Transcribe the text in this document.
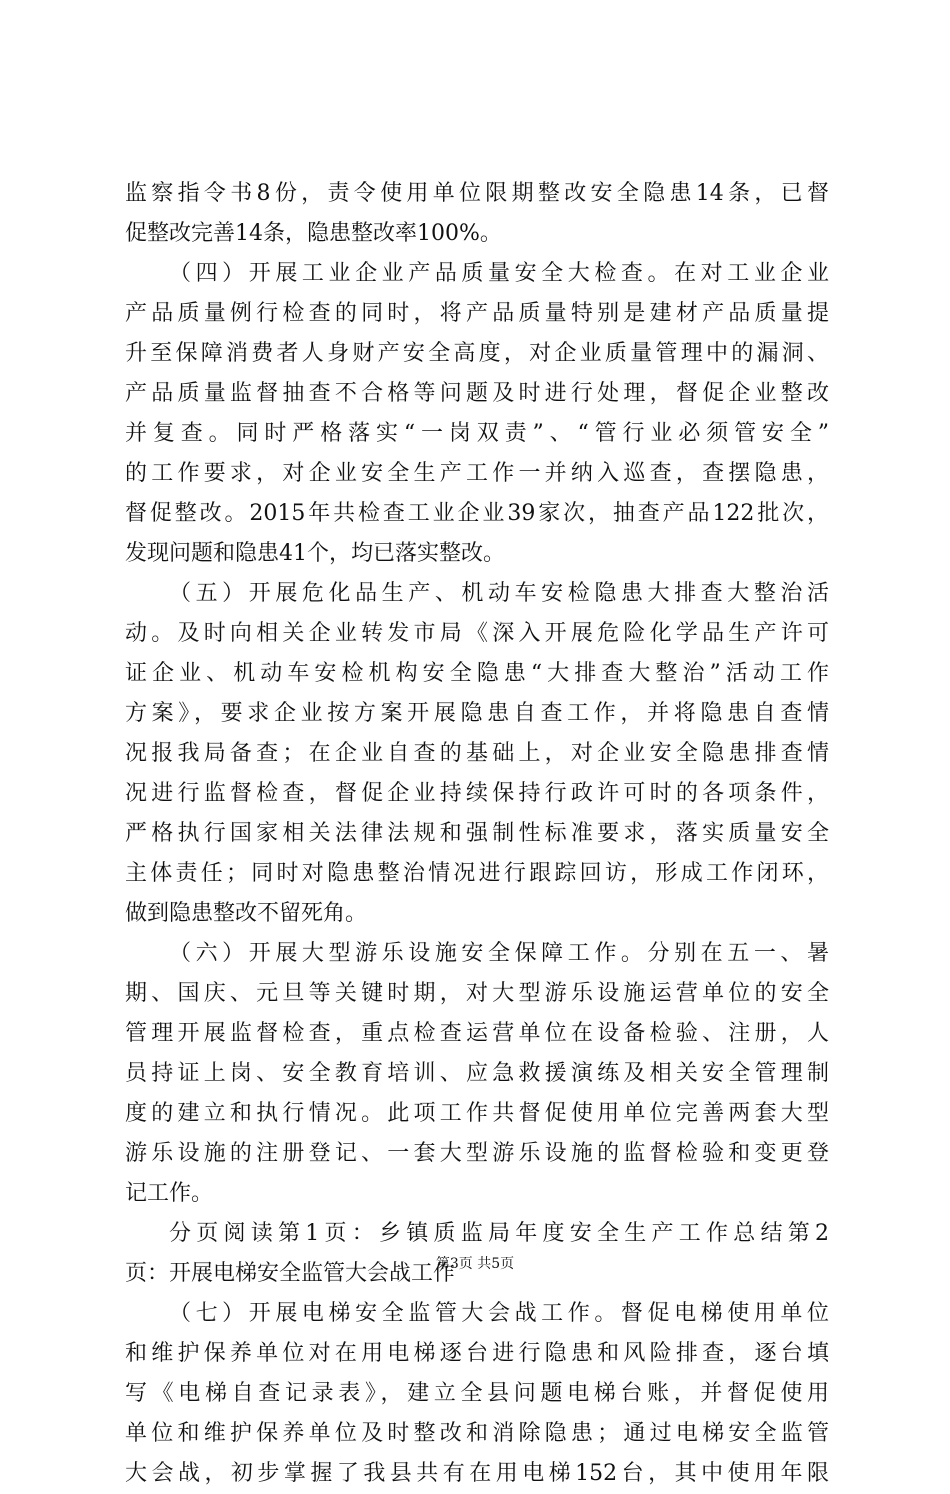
监察指令书8份，责令使用单位限期整改安全隐患14条，已督
促整改完善14条，隐患整改率100%。
（四）开展工业企业产品质量安全大检查。在对工业企业
产品质量例行检查的同时，将产品质量特别是建材产品质量提
升至保障消费者人身财产安全高度，对企业质量管理中的漏洞、
产品质量监督抽查不合格等问题及时进行处理，督促企业整改
并复查。同时严格落实“一岗双责”、“管行业必须管安全”
的工作要求，对企业安全生产工作一并纳入巡查，查摆隐患，
督促整改。2015年共检查工业企业39家次，抽查产品122批次，
发现问题和隐患41个，均已落实整改。
（五）开展危化品生产、机动车安检隐患大排查大整治活
动。及时向相关企业转发市局《深入开展危险化学品生产许可
证企业、机动车安检机构安全隐患“大排查大整治”活动工作
方案》，要求企业按方案开展隐患自查工作，并将隐患自查情
况报我局备查；在企业自查的基础上，对企业安全隐患排查情
况进行监督检查，督促企业持续保持行政许可时的各项条件，
严格执行国家相关法律法规和强制性标准要求，落实质量安全
主体责任；同时对隐患整治情况进行跟踪回访，形成工作闭环，
做到隐患整改不留死角。
（六）开展大型游乐设施安全保障工作。分别在五一、暑
期、国庆、元旦等关键时期，对大型游乐设施运营单位的安全
管理开展监督检查，重点检查运营单位在设备检验、注册，人
员持证上岗、安全教育培训、应急救援演练及相关安全管理制
度的建立和执行情况。此项工作共督促使用单位完善两套大型
游乐设施的注册登记、一套大型游乐设施的监督检验和变更登
记工作。
分页阅读第1页：乡镇质监局年度安全生产工作总结第2
页：开展电梯安全监管大会战工作
（七）开展电梯安全监管大会战工作。督促电梯使用单位
和维护保养单位对在用电梯逐台进行隐患和风险排查，逐台填
写《电梯自查记录表》，建立全县问题电梯台账，并督促使用
单位和维护保养单位及时整改和消除隐患；通过电梯安全监管
大会战，初步掌握了我县共有在用电梯152台，其中使用年限
第3页 共5页
